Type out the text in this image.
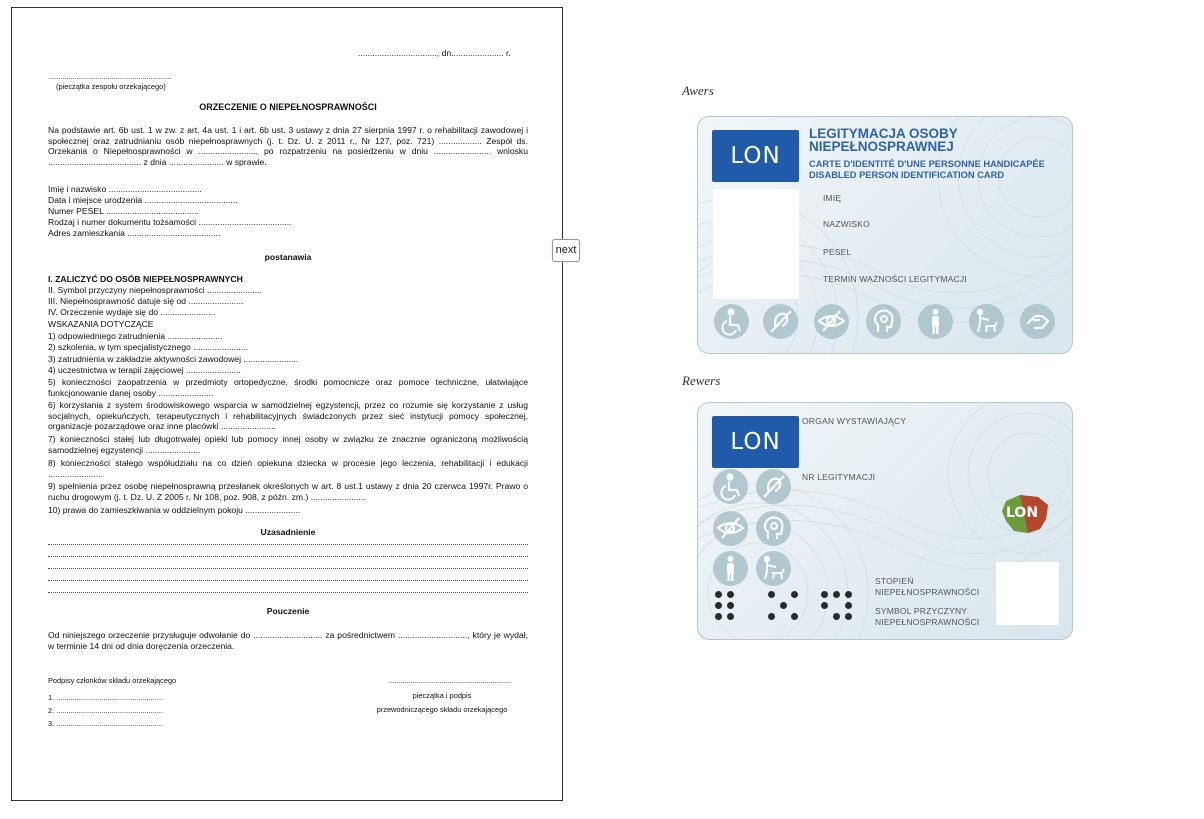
................................., dn...................... r.
............................................................
(pieczątka zespołu orzekającego)
ORZECZENIE O NIEPEŁNOSPRAWNOŚCI
Na podstawie art. 6b ust. 1 w zw. z art. 4a ust. 1 i art. 6b ust. 3 ustawy z dnia 27 sierpnia 1997 r. o rehabilitacji zawodowej i społecznej oraz zatrudnianiu osób niepełnosprawnych (j. t. Dz. U. z 2011 r., Nr 127, poz. 721) .................. Zespół ds. Orzekania o Niepełnosprawności w ........................, po rozpatrzeniu na posiedzeniu w dniu ........................ wniosku ....................................... z dnia ....................... w sprawie.
Imię i nazwisko .......................................
Data i miejsce urodzenia .......................................
Numer PESEL .......................................
Rodzaj i numer dokumentu tożsamości .......................................
Adres zamieszkania .......................................
postanawia
I. ZALICZYĆ DO OSÓB NIEPEŁNOSPRAWNYCH
II. Symbol przyczyny niepełnosprawności .......................
III. Niepełnosprawność datuje się od .......................
IV. Orzeczenie wydaje się do .......................
WSKAZANIA DOTYCZĄCE
1) odpowiedniego zatrudnienia .......................
2) szkolenia, w tym specjalistycznego .......................
3) zatrudnienia w zakładzie aktywności zawodowej .......................
4) uczestnictwa w terapii zajęciowej .......................
5) konieczności zaopatrzenia w przedmioty ortopedyczne, środki pomocnicze oraz pomoce techniczne, ułatwiające funkcjonowanie danej osoby .......................
6) korzystania z system środowiskowego wsparcia w samodzielnej egzystencji, przez co rozumie się korzystanie z usług socjalnych, opiekuńczych, terapeutycznych i rehabilitacyjnych świadczonych przez sieć instytucji pomocy społecznej, organizacje pozarządowe oraz inne placówki .......................
7) konieczności stałej lub długotrwałej opieki lub pomocy innej osoby w związku ze znacznie ograniczoną możliwością samodzielnej egzystencji .......................
8) konieczności stałego współudziału na co dzień opiekuna dziecka w procesie jego leczenia, rehabilitacji i edukacji .......................
9) spełnienia przez osobę niepełnosprawną przesłanek określonych w art. 8 ust.1 ustawy z dnia 20 czerwca 1997r. Prawo o ruchu drogowym (j. t. Dz. U. Z 2005 r. Nr 108, poz. 908, z późn. zm.) .......................
10) prawa do zamieszkiwania w oddzielnym pokoju .......................
Uzasadnienie
Pouczenie
Od niniejszego orzeczenie przysługuje odwołanie do ............................. za pośrednictwem ............................., który je wydał, w terminie 14 dni od dnia doręczenia orzeczenia.
Podpisy członków składu orzekającego
1. ....................................................
2. ....................................................
3. ....................................................
............................................................
pieczątka i podpis
przewodniczącego składu orzekającego
next
Awers
LON
LEGITYMACJA OSOBY
NIEPEŁNOSPRAWNEJ
CARTE D'IDENTITÉ D'UNE PERSONNE HANDICAPÉE
DISABLED PERSON IDENTIFICATION CARD
IMIĘ
NAZWISKO
PESEL
TERMIN WAŻNOŚCI LEGITYMACJI
Rewers
LON
ORGAN WYSTAWIAJĄCY
NR LEGITYMACJI
STOPIEŃ
NIEPEŁNOSPRAWNOŚCI
SYMBOL PRZYCZYNY
NIEPEŁNOSPRAWNOŚCI
LON
